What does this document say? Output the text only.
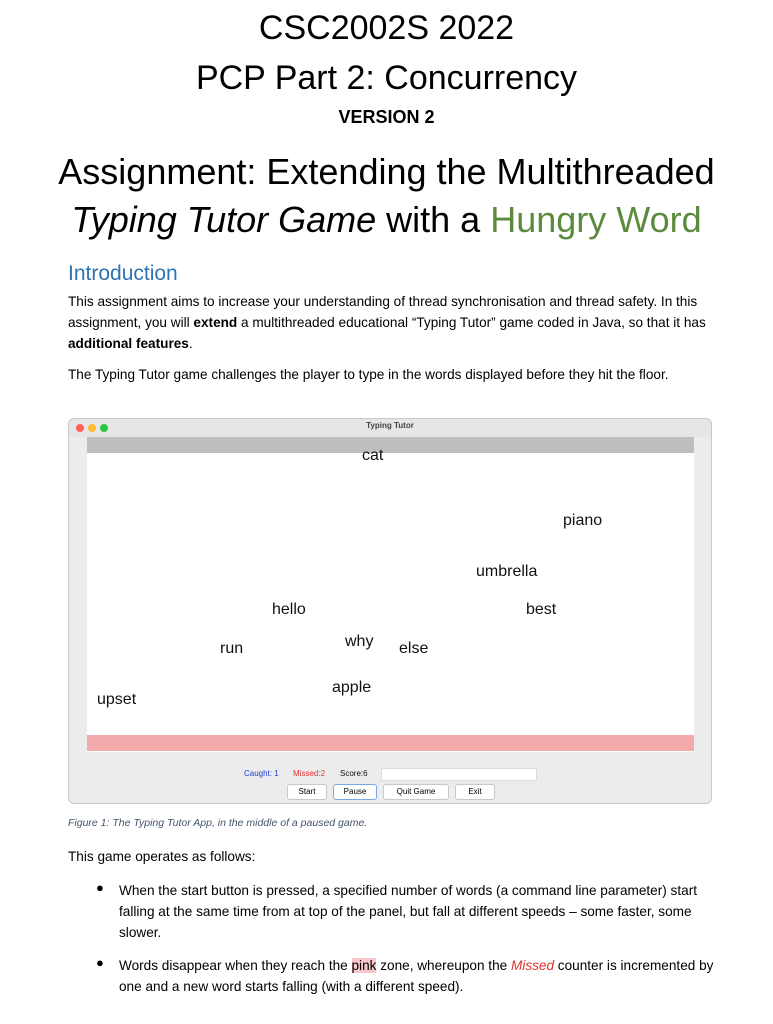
CSC2002S 2022
PCP Part 2: Concurrency
VERSION 2
Assignment: Extending the Multithreaded
Typing Tutor Game with a Hungry Word
Introduction
This assignment aims to increase your understanding of thread synchronisation and thread safety. In this assignment, you will extend a multithreaded educational “Typing Tutor” game coded in Java, so that it has additional features.
The Typing Tutor game challenges the player to type in the words displayed before they hit the floor.
Typing Tutor
cat
piano
umbrella
hello	best
why
run	else
apple
upset
Caught: 1 Missed:2 Score:6
Start	Pause	Quit Game	Exit
Figure 1: The Typing Tutor App, in the middle of a paused game.
This game operates as follows:
● When the start button is pressed, a specified number of words (a command line parameter) start falling at the same time from at top of the panel, but fall at different speeds – some faster, some slower.
● Words disappear when they reach the pink zone, whereupon the Missed counter is incremented by one and a new word starts falling (with a different speed).
